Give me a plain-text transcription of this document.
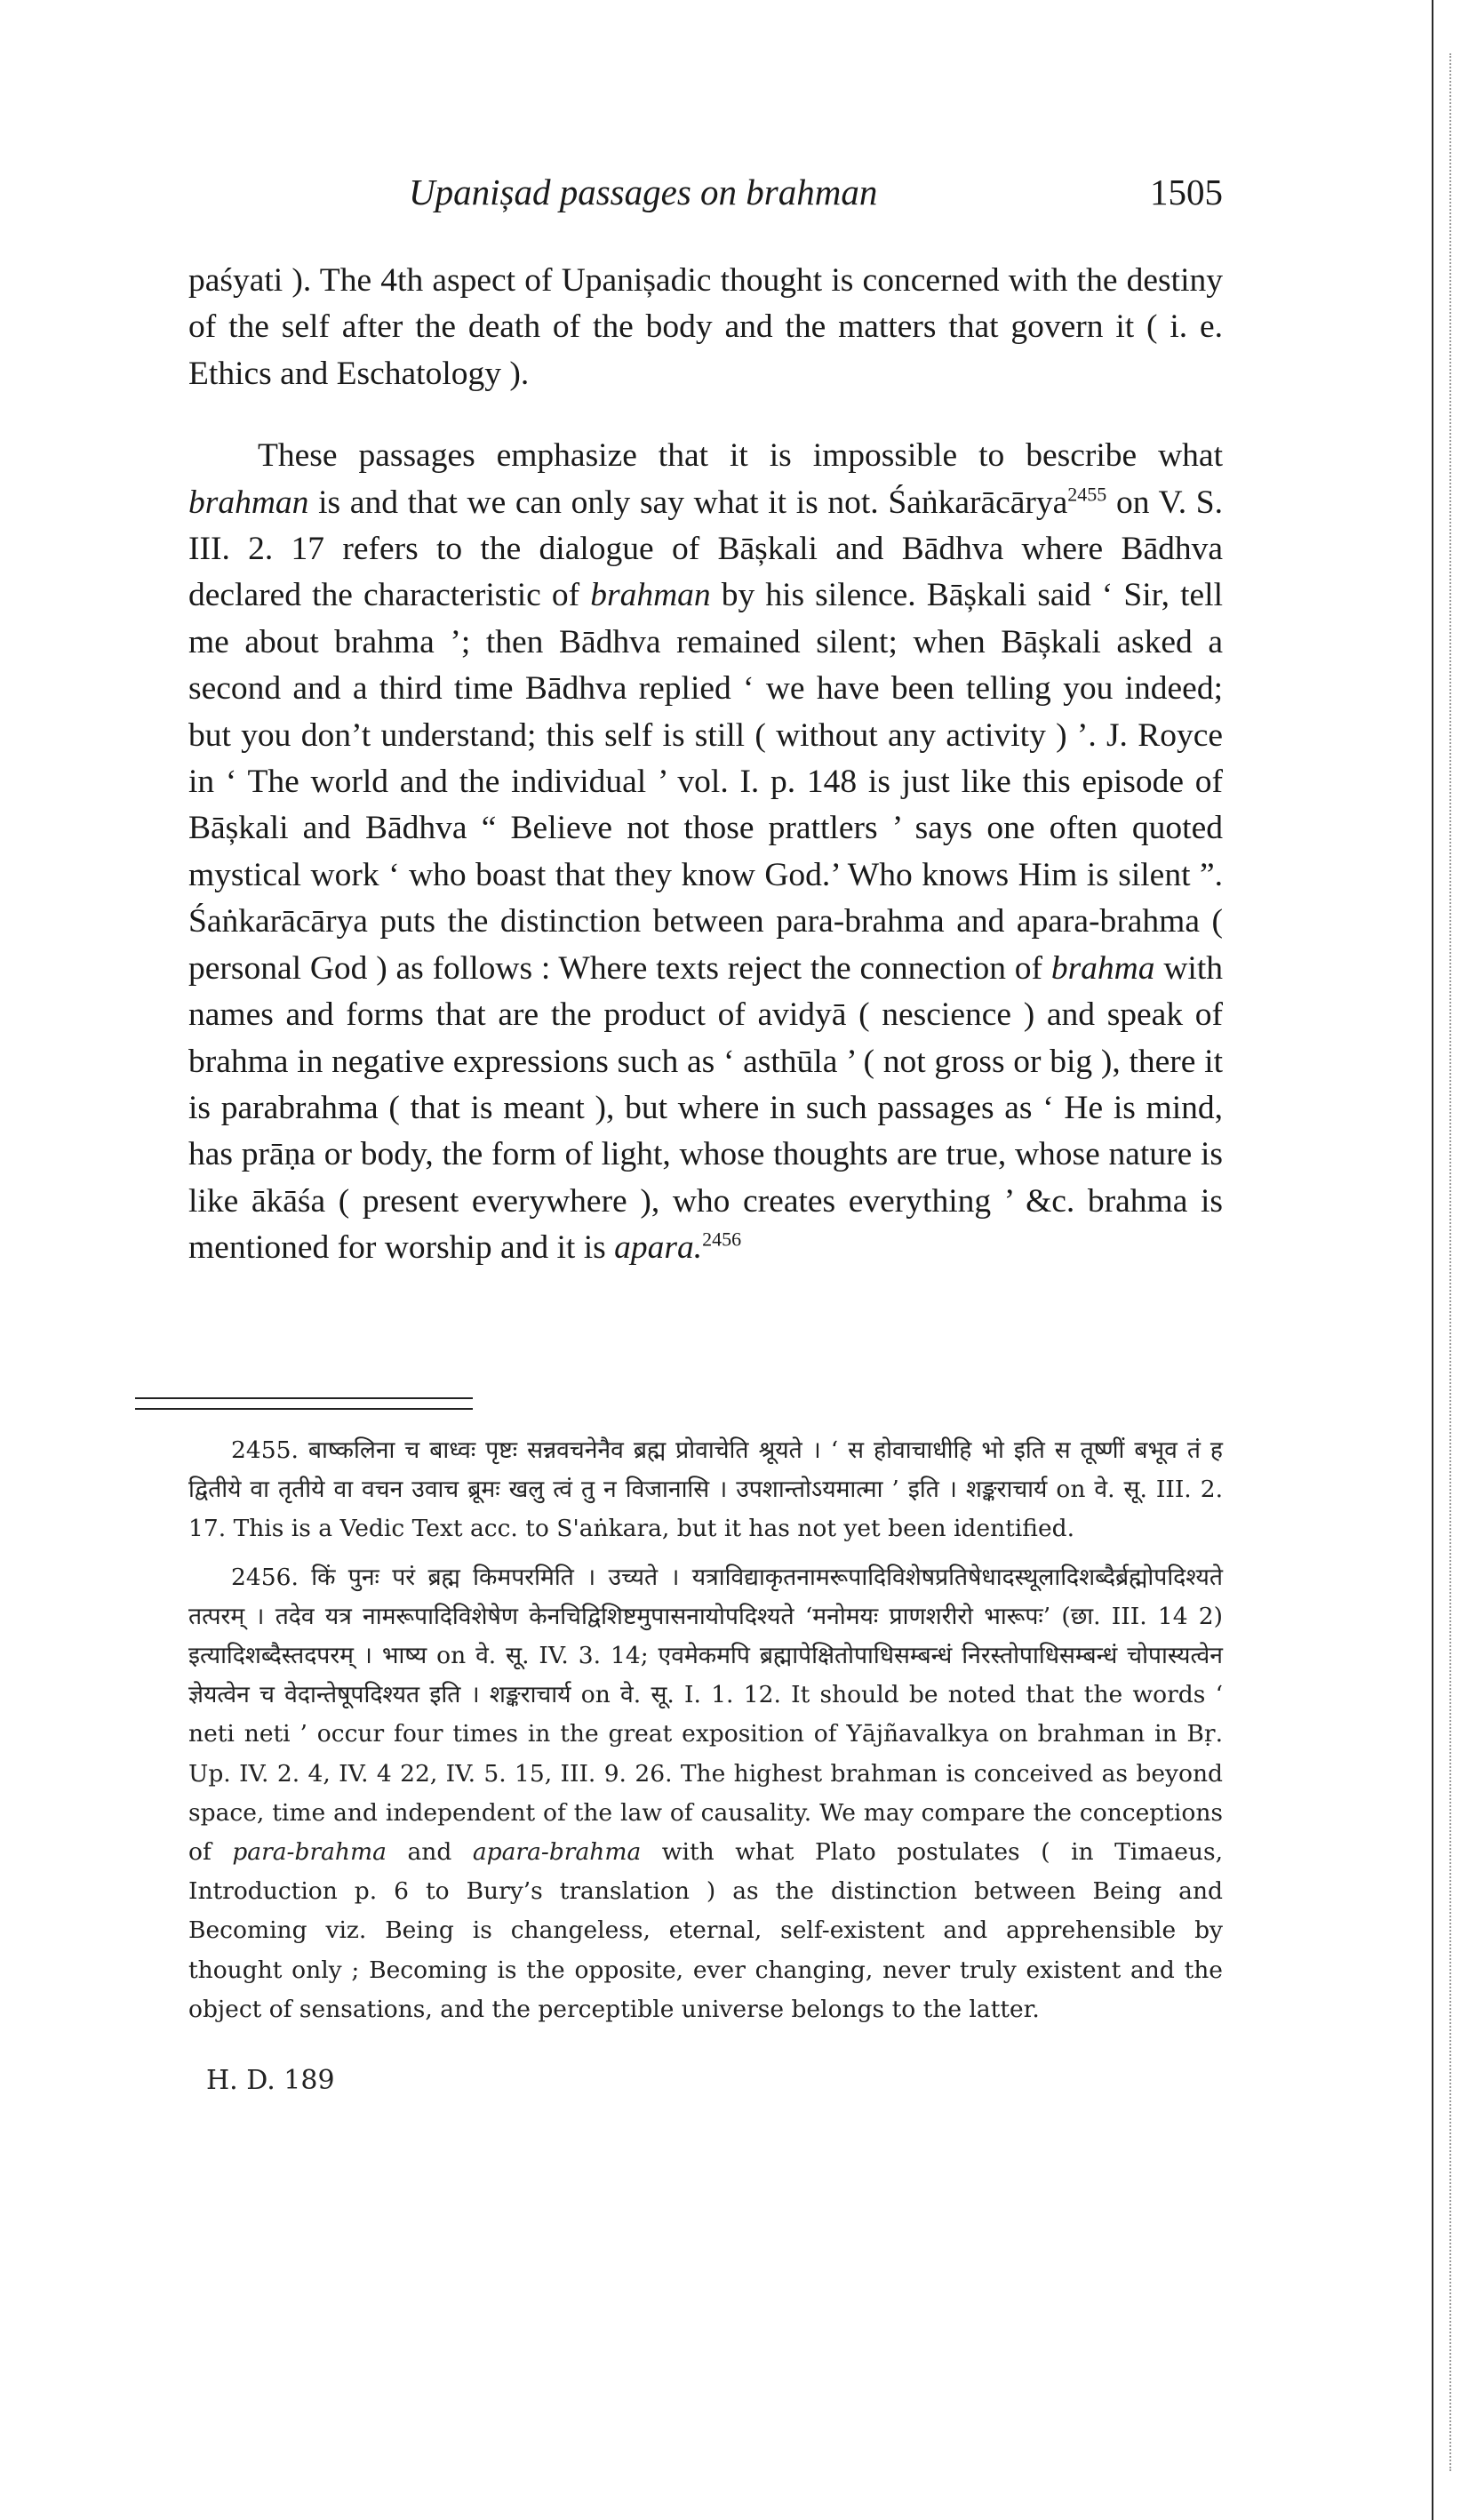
Upanișad passages on brahman	1505

paśyati ). The 4th aspect of Upanișadic thought is concerned with the destiny of the self after the death of the body and the matters that govern it ( i. e. Ethics and Eschatology ).

These passages emphasize that it is impossible to bescribe what brahman is and that we can only say what it is not. Śaṅkarācārya$^{2455}$ on V. S. III. 2. 17 refers to the dialogue of Bāșkali and Bādhva where Bādhva declared the characteristic of brahman by his silence. Bāșkali said ‘ Sir, tell me about brahma ’; then Bādhva remained silent; when Bāșkali asked a second and a third time Bādhva replied ‘ we have been telling you indeed; but you don’t understand; this self is still ( without any activity ) ’. J. Royce in ‘ The world and the individual ’ vol. I. p. 148 is just like this episode of Bāșkali and Bādhva “ Believe not those prattlers ’ says one often quoted mystical work ‘ who boast that they know God.’ Who knows Him is silent ”. Śaṅkarācārya puts the distinction between para-brahma and apara-brahma ( personal God ) as follows : Where texts reject the connection of brahma with names and forms that are the product of avidyā ( nescience ) and speak of brahma in negative expressions such as ‘ asthūla ’ ( not gross or big ), there it is parabrahma ( that is meant ), but where in such passages as ‘ He is mind, has prāṇa or body, the form of light, whose thoughts are true, whose nature is like ākāśa ( present everywhere ), who creates everything ’ &c. brahma is mentioned for worship and it is apara.$^{2456}$

2455. बाष्कलिना च बाध्वः पृष्टः सन्नवचनेनैव ब्रह्म प्रोवाचेति श्रूयते । ‘ स होवाचाधीहि भो इति स तूष्णीं बभूव तं ह द्वितीये वा तृतीये वा वचन उवाच ब्रूमः खलु त्वं तु न विजानासि । उपशान्तोऽयमात्मा ’ इति । शङ्कराचार्य on वे. सू. III. 2. 17. This is a Vedic Text acc. to S'aṅkara, but it has not yet been identified.

2456. किं पुनः परं ब्रह्म किमपरमिति । उच्यते । यत्राविद्याकृतनामरूपादिविशेषप्रतिषेधादस्थूलादिशब्दैर्ब्रह्मोपदिश्यते तत्परम् । तदेव यत्र नामरूपादिविशेषेण केनचिद्विशिष्टमुपासनायोपदिश्यते ‘मनोमयः प्राणशरीरो भारूपः’ (छा. III. 14 2) इत्यादिशब्दैस्तदपरम् । भाष्य on वे. सू. IV. 3. 14; एवमेकमपि ब्रह्मापेक्षितोपाधिसम्बन्धं निरस्तोपाधिसम्बन्धं चोपास्यत्वेन ज्ञेयत्वेन च वेदान्तेषूपदिश्यत इति । शङ्कराचार्य on वे. सू. I. 1. 12. It should be noted that the words ‘ neti neti ’ occur four times in the great exposition of Yājñavalkya on brahman in Bṛ. Up. IV. 2. 4, IV. 4 22, IV. 5. 15, III. 9. 26. The highest brahman is conceived as beyond space, time and independent of the law of causality. We may compare the conceptions of para-brahma and apara-brahma with what Plato postulates ( in Timaeus, Introduction p. 6 to Bury’s translation ) as the distinction between Being and Becoming viz. Being is changeless, eternal, self-existent and apprehensible by thought only ; Becoming is the opposite, ever changing, never truly existent and the object of sensations, and the perceptible universe belongs to the latter.

H. D. 189
